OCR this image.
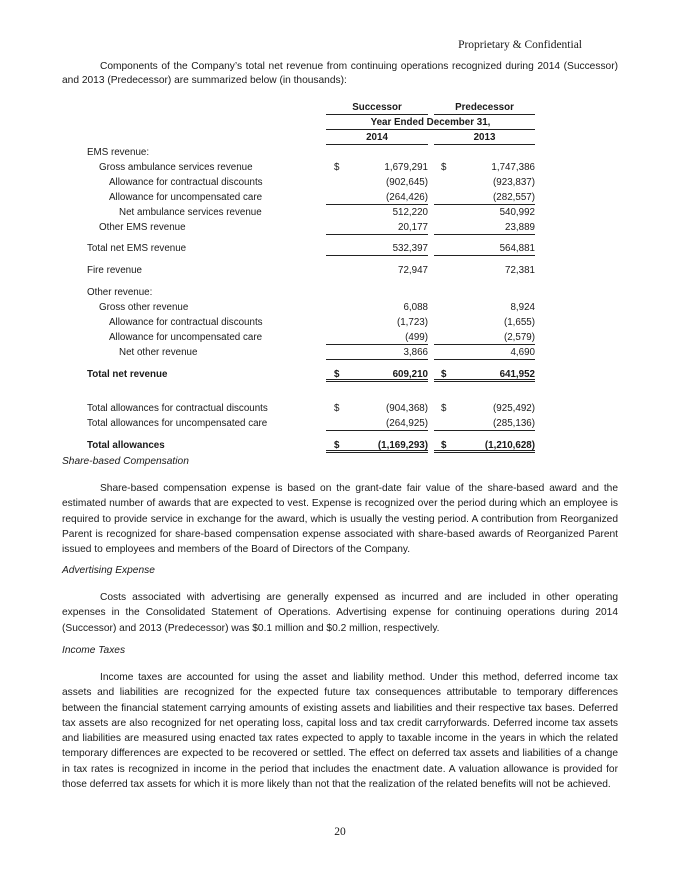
Proprietary & Confidential

Components of the Company’s total net revenue from continuing operations recognized during 2014 (Successor) and 2013 (Predecessor) are summarized below (in thousands):

Successor	Predecessor
Year Ended December 31,
2014	2013
EMS revenue:
Gross ambulance services revenue	$	1,679,291 $	1,747,386
Allowance for contractual discounts	(902,645)	(923,837)
Allowance for uncompensated care	(264,426)	(282,557)
Net ambulance services revenue	512,220	540,992
Other EMS revenue	20,177	23,889
Total net EMS revenue	532,397	564,881
Fire revenue	72,947	72,381
Other revenue:
Gross other revenue	6,088	8,924
Allowance for contractual discounts	(1,723)	(1,655)
Allowance for uncompensated care	(499)	(2,579)
Net other revenue	3,866	4,690
Total net revenue	$	609,210 $	641,952
Total allowances for contractual discounts	$	(904,368) $	(925,492)
Total allowances for uncompensated care	(264,925)	(285,136)
Total allowances	$	(1,169,293) $	(1,210,628)

Share-based Compensation

Share-based compensation expense is based on the grant-date fair value of the share-based award and the estimated number of awards that are expected to vest. Expense is recognized over the period during which an employee is required to provide service in exchange for the award, which is usually the vesting period. A contribution from Reorganized Parent is recognized for share-based compensation expense associated with share-based awards of Reorganized Parent issued to employees and members of the Board of Directors of the Company.

Advertising Expense

Costs associated with advertising are generally expensed as incurred and are included in other operating expenses in the Consolidated Statement of Operations. Advertising expense for continuing operations during 2014 (Successor) and 2013 (Predecessor) was $0.1 million and $0.2 million, respectively.

Income Taxes

Income taxes are accounted for using the asset and liability method. Under this method, deferred income tax assets and liabilities are recognized for the expected future tax consequences attributable to temporary differences between the financial statement carrying amounts of existing assets and liabilities and their respective tax bases. Deferred tax assets are also recognized for net operating loss, capital loss and tax credit carryforwards. Deferred income tax assets and liabilities are measured using enacted tax rates expected to apply to taxable income in the years in which the related temporary differences are expected to be recovered or settled. The effect on deferred tax assets and liabilities of a change in tax rates is recognized in income in the period that includes the enactment date. A valuation allowance is provided for those deferred tax assets for which it is more likely than not that the realization of the related benefits will not be achieved.

20
